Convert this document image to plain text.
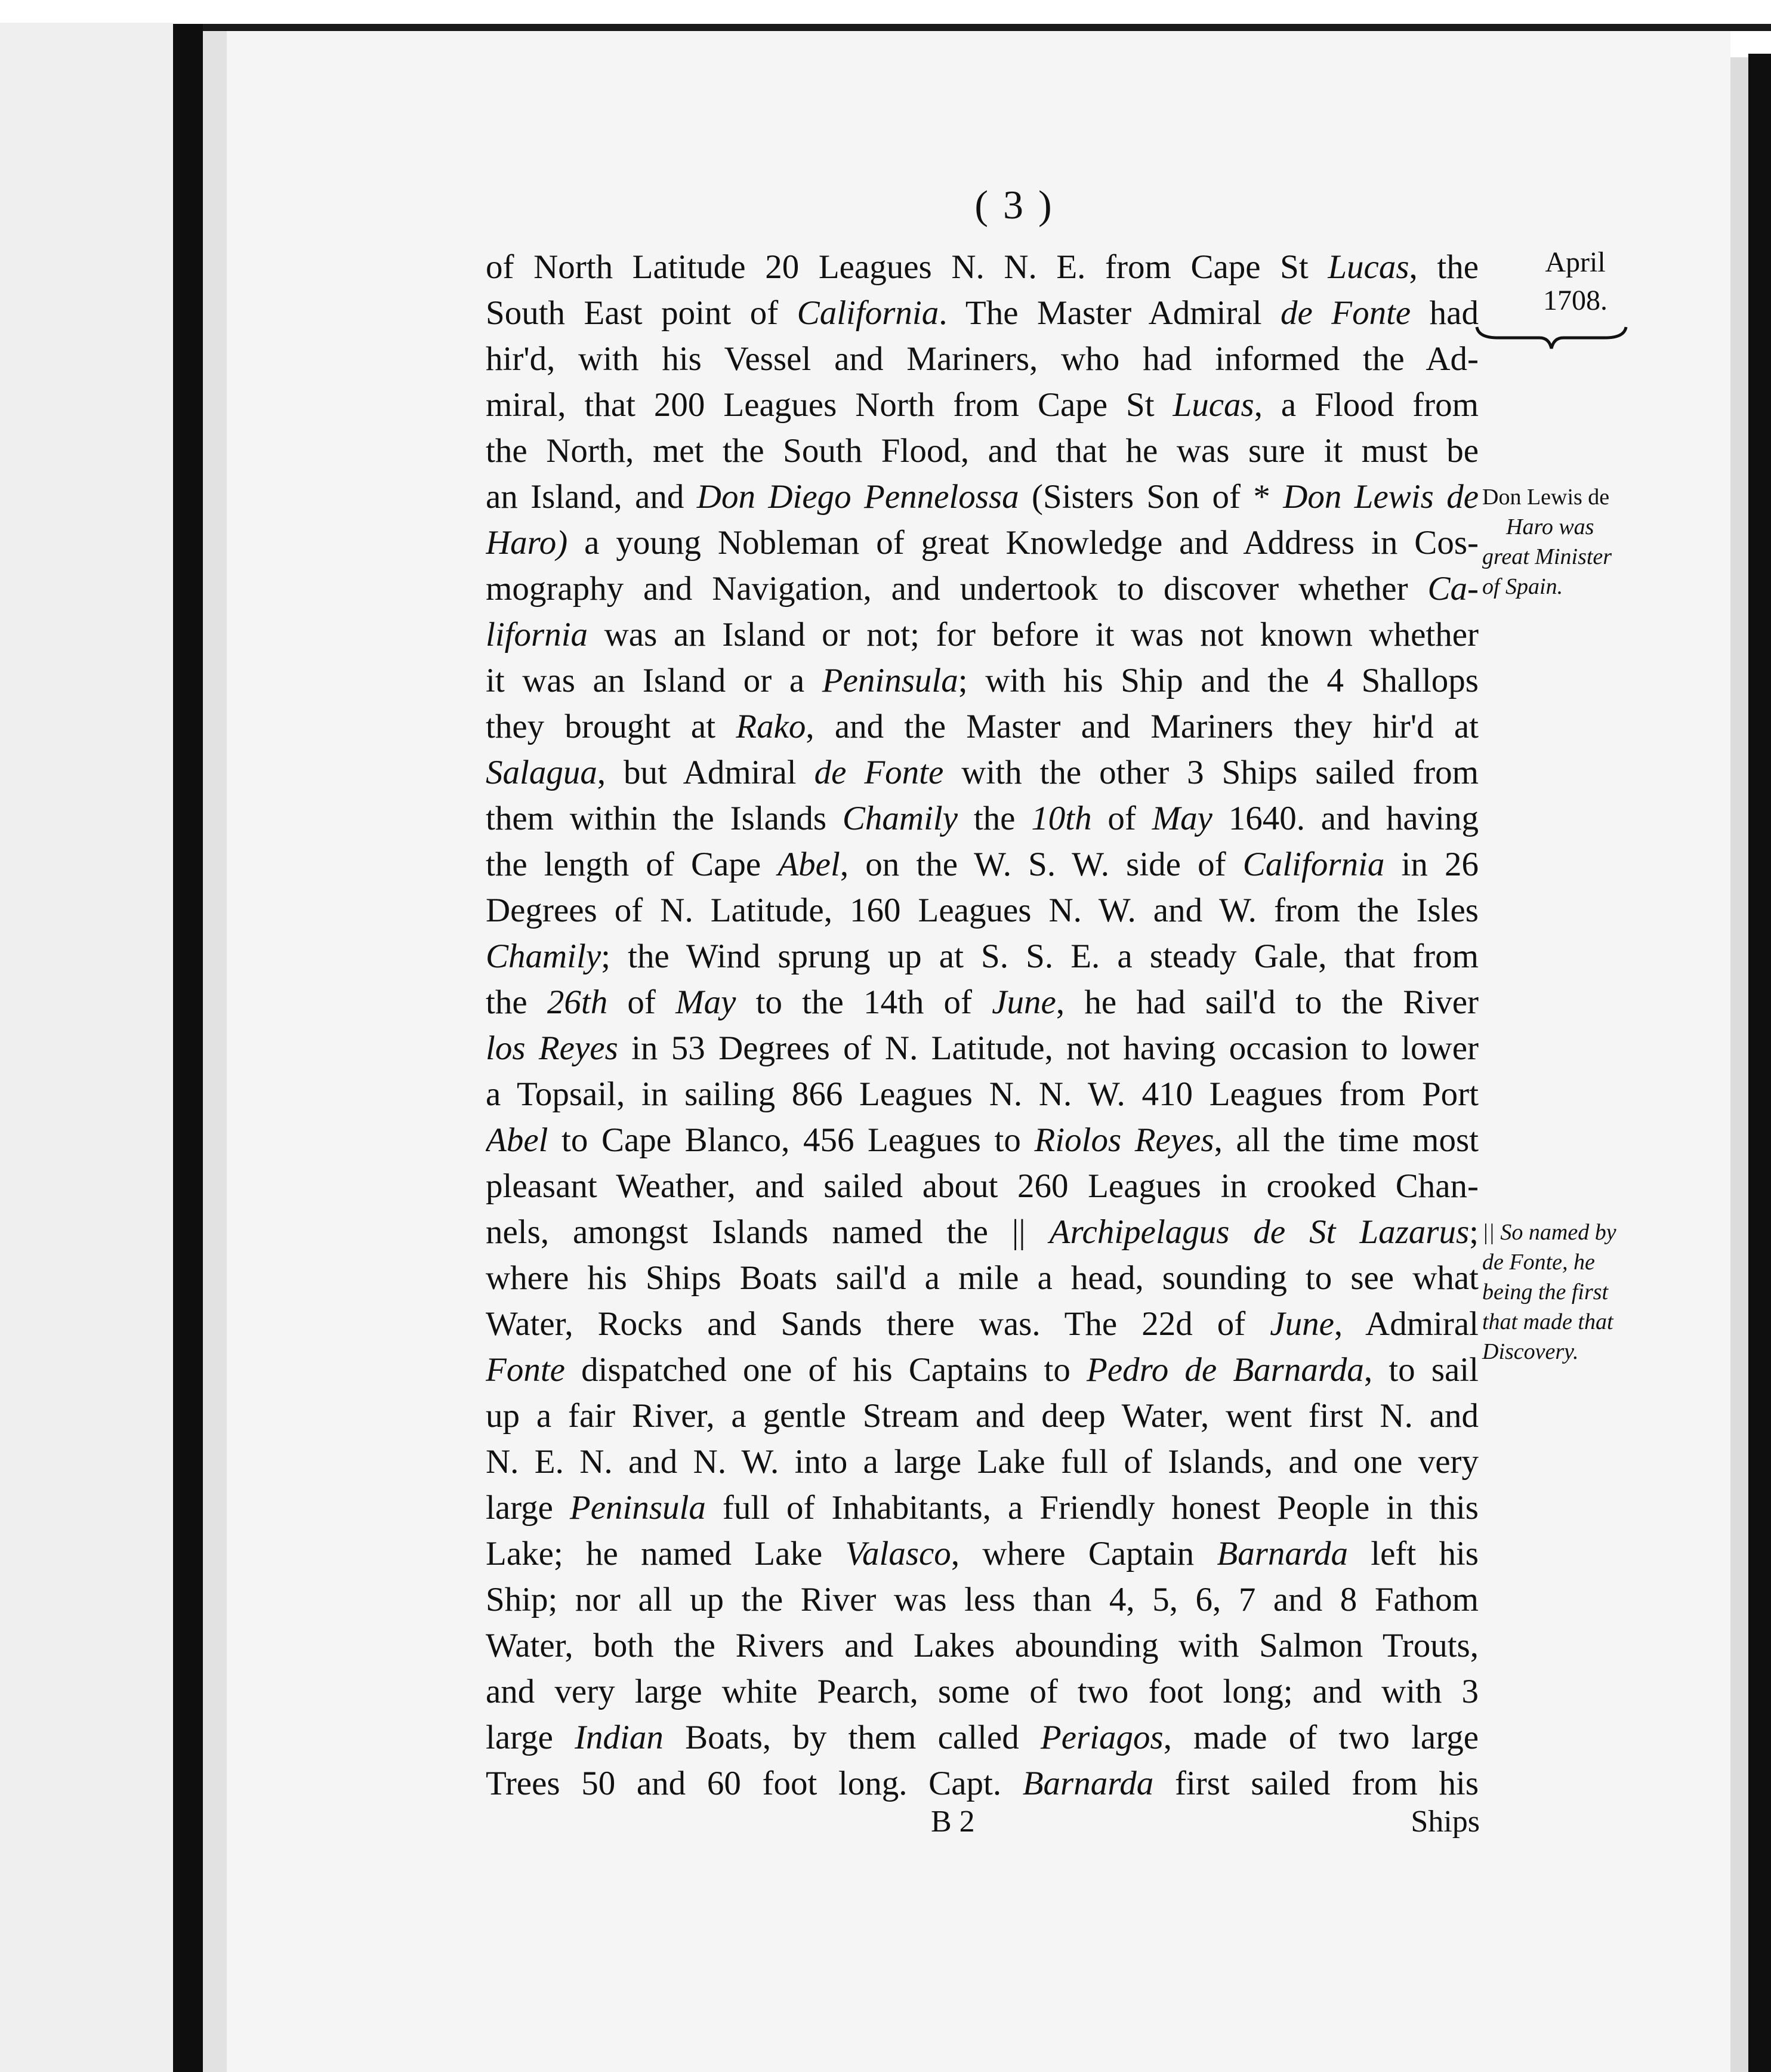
( 3 )
of North Latitude 20 Leagues N. N. E. from Cape St Lucas, the
South East point of California. The Master Admiral de Fonte had
hir'd, with his Vessel and Mariners, who had informed the Ad-
miral, that 200 Leagues North from Cape St Lucas, a Flood from
the North, met the South Flood, and that he was sure it must be
an Island, and Don Diego Pennelossa (Sisters Son of * Don Lewis de
Haro) a young Nobleman of great Knowledge and Address in Cos-
mography and Navigation, and undertook to discover whether Ca-
lifornia was an Island or not; for before it was not known whether
it was an Island or a Peninsula; with his Ship and the 4 Shallops
they brought at Rako, and the Master and Mariners they hir'd at
Salagua, but Admiral de Fonte with the other 3 Ships sailed from
them within the Islands Chamily the 10th of May 1640. and having
the length of Cape Abel, on the W. S. W. side of California in 26
Degrees of N. Latitude, 160 Leagues N. W. and W. from the Isles
Chamily; the Wind sprung up at S. S. E. a steady Gale, that from
the 26th of May to the 14th of June, he had sail'd to the River
los Reyes in 53 Degrees of N. Latitude, not having occasion to lower
a Topsail, in sailing 866 Leagues N. N. W. 410 Leagues from Port
Abel to Cape Blanco, 456 Leagues to Riolos Reyes, all the time most
pleasant Weather, and sailed about 260 Leagues in crooked Chan-
nels, amongst Islands named the || Archipelagus de St Lazarus;
where his Ships Boats sail'd a mile a head, sounding to see what
Water, Rocks and Sands there was. The 22d of June, Admiral
Fonte dispatched one of his Captains to Pedro de Barnarda, to sail
up a fair River, a gentle Stream and deep Water, went first N. and
N. E. N. and N. W. into a large Lake full of Islands, and one very
large Peninsula full of Inhabitants, a Friendly honest People in this
Lake; he named Lake Valasco, where Captain Barnarda left his
Ship; nor all up the River was less than 4, 5, 6, 7 and 8 Fathom
Water, both the Rivers and Lakes abounding with Salmon Trouts,
and very large white Pearch, some of two foot long; and with 3
large Indian Boats, by them called Periagos, made of two large
Trees 50 and 60 foot long. Capt. Barnarda first sailed from his
April
1708.
Don Lewis de
Haro was
great Minister
of Spain.
|| So named by
de Fonte, he
being the first
that made that
Discovery.
B 2	Ships
